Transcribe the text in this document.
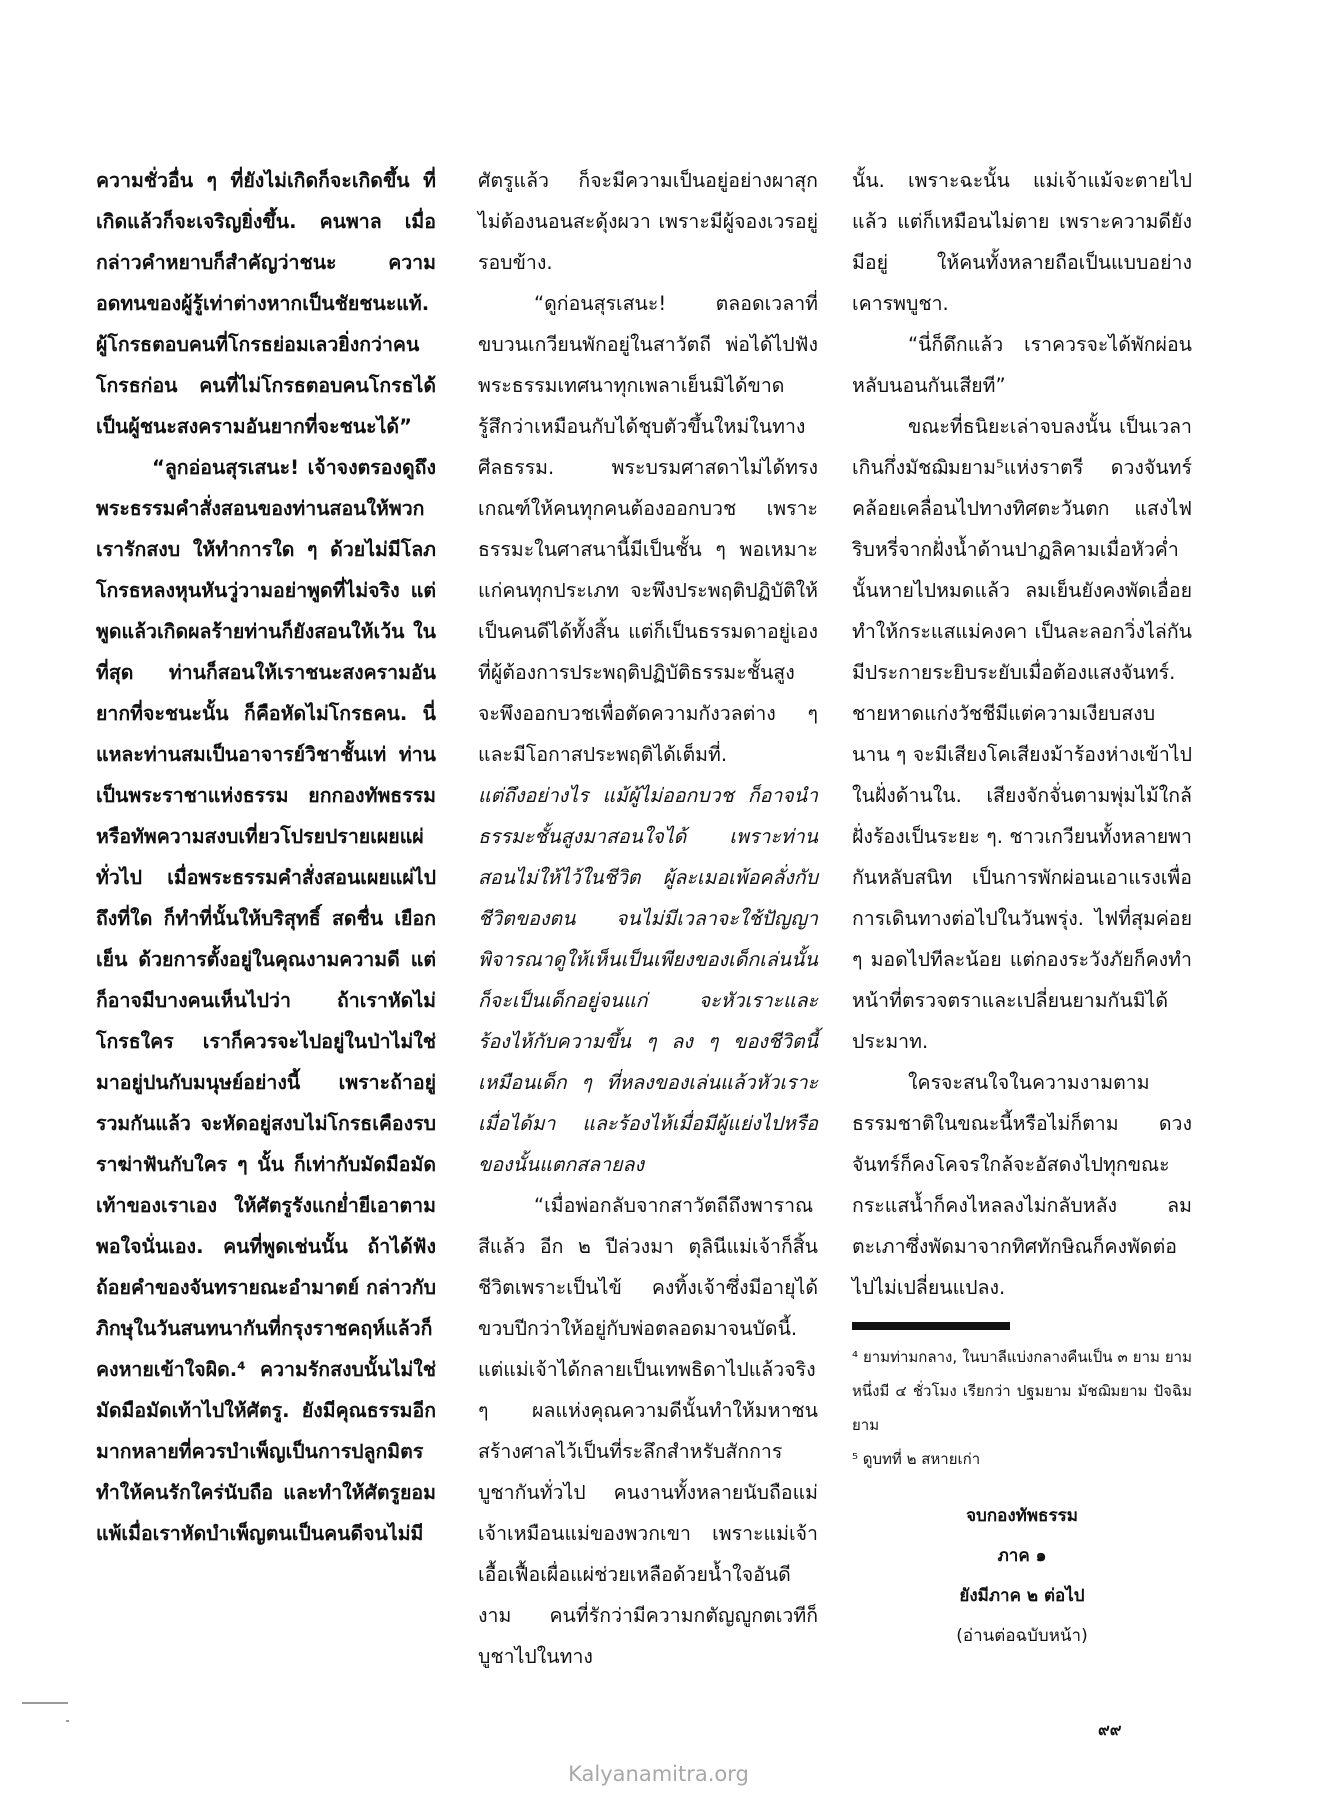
ความชั่วอื่น ๆ ที่ยังไม่เกิดก็จะเกิดขึ้น ที่เกิดแล้วก็จะเจริญยิ่งขึ้น. คนพาล เมื่อกล่าวคำหยาบก็สำคัญว่าชนะ ความอดทนของผู้รู้เท่าต่างหากเป็นชัยชนะแท้. ผู้โกรธตอบคนที่โกรธย่อมเลวยิ่งกว่าคนโกรธก่อน คนที่ไม่โกรธตอบคนโกรธได้เป็นผู้ชนะสงครามอันยากที่จะชนะได้”

“ลูกอ่อนสุรเสนะ! เจ้าจงตรองดูถึงพระธรรมคำสั่งสอนของท่านสอนให้พวกเรารักสงบ ให้ทำการใด ๆ ด้วยไม่มีโลภโกรธหลงหุนหันวู่วามอย่าพูดที่ไม่จริง แต่พูดแล้วเกิดผลร้ายท่านก็ยังสอนให้เว้น ในที่สุด ท่านก็สอนให้เราชนะสงครามอันยากที่จะชนะนั้น ก็คือหัดไม่โกรธคน. นี่แหละท่านสมเป็นอาจารย์วิชาชั้นเท่ ท่านเป็นพระราชาแห่งธรรม ยกกองทัพธรรมหรือทัพความสงบเที่ยวโปรยปรายเผยแผ่ทั่วไป เมื่อพระธรรมคำสั่งสอนเผยแผ่ไปถึงที่ใด ก็ทำที่นั้นให้บริสุทธิ์ สดชื่น เยือกเย็น ด้วยการตั้งอยู่ในคุณงามความดี แต่ก็อาจมีบางคนเห็นไปว่า ถ้าเราหัดไม่โกรธใคร เราก็ควรจะไปอยู่ในป่าไม่ใช่มาอยู่ปนกับมนุษย์อย่างนี้ เพราะถ้าอยู่รวมกันแล้ว จะหัดอยู่สงบไม่โกรธเคืองรบราฆ่าฟันกับใคร ๆ นั้น ก็เท่ากับมัดมือมัดเท้าของเราเอง ให้ศัตรูรังแกย่ำยีเอาตามพอใจนั่นเอง. คนที่พูดเช่นนั้น ถ้าได้ฟังถ้อยคำของจันทรายณะอำมาตย์ กล่าวกับภิกษุในวันสนทนากันที่กรุงราชคฤห์แล้วก็คงหายเข้าใจผิด.⁴ ความรักสงบนั้นไม่ใช่มัดมือมัดเท้าไปให้ศัตรู. ยังมีคุณธรรมอีกมากหลายที่ควรบำเพ็ญเป็นการปลูกมิตรทำให้คนรักใคร่นับถือ และทำให้ศัตรูยอมแพ้เมื่อเราหัดบำเพ็ญตนเป็นคนดีจนไม่มี

ศัตรูแล้ว ก็จะมีความเป็นอยู่อย่างผาสุก ไม่ต้องนอนสะดุ้งผวา เพราะมีผู้จองเวรอยู่รอบข้าง.

“ดูก่อนสุรเสนะ! ตลอดเวลาที่ขบวนเกวียนพักอยู่ในสาวัตถี พ่อได้ไปฟังพระธรรมเทศนาทุกเพลาเย็นมิได้ขาด รู้สึกว่าเหมือนกับได้ชุบตัวขึ้นใหม่ในทางศีลธรรม. พระบรมศาสดาไม่ได้ทรงเกณฑ์ให้คนทุกคนต้องออกบวช เพราะธรรมะในศาสนานี้มีเป็นชั้น ๆ พอเหมาะแก่คนทุกประเภท จะพึงประพฤติปฏิบัติให้เป็นคนดีได้ทั้งสิ้น แต่ก็เป็นธรรมดาอยู่เอง ที่ผู้ต้องการประพฤติปฏิบัติธรรมะชั้นสูง จะพึงออกบวชเพื่อตัดความกังวลต่าง ๆ และมีโอกาสประพฤติได้เต็มที่.

แต่ถึงอย่างไร แม้ผู้ไม่ออกบวช ก็อาจนำธรรมะชั้นสูงมาสอนใจได้ เพราะท่านสอนไม่ให้ไว้ในชีวิต ผู้ละเมอเพ้อคลั่งกับชีวิตของตน จนไม่มีเวลาจะใช้ปัญญาพิจารณาดูให้เห็นเป็นเพียงของเด็กเล่นนั้น ก็จะเป็นเด็กอยู่จนแก่ จะหัวเราะและร้องไห้กับความขึ้น ๆ ลง ๆ ของชีวิตนี้ เหมือนเด็ก ๆ ที่หลงของเล่นแล้วหัวเราะเมื่อได้มา และร้องไห้เมื่อมีผู้แย่งไปหรือของนั้นแตกสลายลง

“เมื่อพ่อกลับจากสาวัตถีถึงพาราณสีแล้ว อีก ๒ ปีล่วงมา ตุลินีแม่เจ้าก็สิ้นชีวิตเพราะเป็นไข้ คงทิ้งเจ้าซึ่งมีอายุได้ขวบปีกว่าให้อยู่กับพ่อตลอดมาจนบัดนี้. แต่แม่เจ้าได้กลายเป็นเทพธิดาไปแล้วจริง ๆ ผลแห่งคุณความดีนั้นทำให้มหาชนสร้างศาลไว้เป็นที่ระลึกสำหรับสักการบูชากันทั่วไป คนงานทั้งหลายนับถือแม่เจ้าเหมือนแม่ของพวกเขา เพราะแม่เจ้าเอื้อเฟื้อเผื่อแผ่ช่วยเหลือด้วยน้ำใจอันดีงาม คนที่รักว่ามีความกตัญญูกตเวทีก็บูชาไปในทาง

นั้น. เพราะฉะนั้น แม่เจ้าแม้จะตายไปแล้ว แต่ก็เหมือนไม่ตาย เพราะความดียังมีอยู่ ให้คนทั้งหลายถือเป็นแบบอย่างเคารพบูชา.

“นี่ก็ดึกแล้ว เราควรจะได้พักผ่อนหลับนอนกันเสียที”

ขณะที่ธนิยะเล่าจบลงนั้น เป็นเวลาเกินกึ่งมัชฌิมยาม⁵แห่งราตรี ดวงจันทร์คล้อยเคลื่อนไปทางทิศตะวันตก แสงไฟริบหรี่จากฝั่งน้ำด้านปาฏลิคามเมื่อหัวค่ำนั้นหายไปหมดแล้ว ลมเย็นยังคงพัดเอื่อยทำให้กระแสแม่คงคา เป็นละลอกวิ่งไล่กันมีประกายระยิบระยับเมื่อต้องแสงจันทร์. ชายหาดแก่งวัชชีมีแต่ความเงียบสงบ นาน ๆ จะมีเสียงโคเสียงม้าร้องห่างเข้าไปในฝั่งด้านใน. เสียงจักจั่นตามพุ่มไม้ใกล้ฝั่งร้องเป็นระยะ ๆ. ชาวเกวียนทั้งหลายพากันหลับสนิท เป็นการพักผ่อนเอาแรงเพื่อการเดินทางต่อไปในวันพรุ่ง. ไฟที่สุมค่อย ๆ มอดไปทีละน้อย แต่กองระวังภัยก็คงทำหน้าที่ตรวจตราและเปลี่ยนยามกันมิได้ประมาท.

ใครจะสนใจในความงามตามธรรมชาติในขณะนี้หรือไม่ก็ตาม ดวงจันทร์ก็คงโคจรใกล้จะอัสดงไปทุกขณะ กระแสน้ำก็คงไหลลงไม่กลับหลัง ลมตะเภาซึ่งพัดมาจากทิศทักษิณก็คงพัดต่อไปไม่เปลี่ยนแปลง.

⁴ ยามท่ามกลาง, ในบาลีแบ่งกลางคืนเป็น ๓ ยาม ยามหนึ่งมี ๔ ชั่วโมง เรียกว่า ปฐมยาม มัชฌิมยาม ปัจฉิมยาม

⁵ ดูบทที่ ๒ สหายเก่า

จบกองทัพธรรม

ภาค ๑

ยังมีภาค ๒ ต่อไป

(อ่านต่อฉบับหน้า)

๙๙
Kalyanamitra.org
